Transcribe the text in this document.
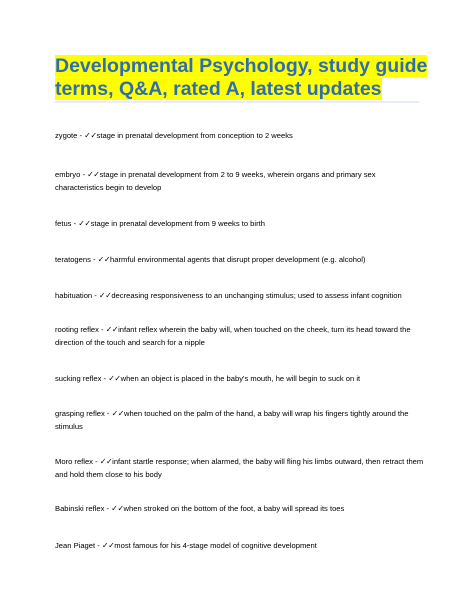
Developmental Psychology, study guide
terms, Q&A, rated A, latest updates
zygote - ✓✓stage in prenatal development from conception to 2 weeks
embryo - ✓✓stage in prenatal development from 2 to 9 weeks, wherein organs and primary sex characteristics begin to develop
fetus - ✓✓stage in prenatal development from 9 weeks to birth
teratogens - ✓✓harmful environmental agents that disrupt proper development (e.g. alcohol)
habituation - ✓✓decreasing responsiveness to an unchanging stimulus; used to assess infant cognition
rooting reflex - ✓✓infant reflex wherein the baby will, when touched on the cheek, turn its head toward the direction of the touch and search for a nipple
sucking reflex - ✓✓when an object is placed in the baby's mouth, he will begin to suck on it
grasping reflex - ✓✓when touched on the palm of the hand, a baby will wrap his fingers tightly around the stimulus
Moro reflex - ✓✓infant startle response; when alarmed, the baby will fling his limbs outward, then retract them and hold them close to his body
Babinski reflex - ✓✓when stroked on the bottom of the foot, a baby will spread its toes
Jean Piaget - ✓✓most famous for his 4-stage model of cognitive development
